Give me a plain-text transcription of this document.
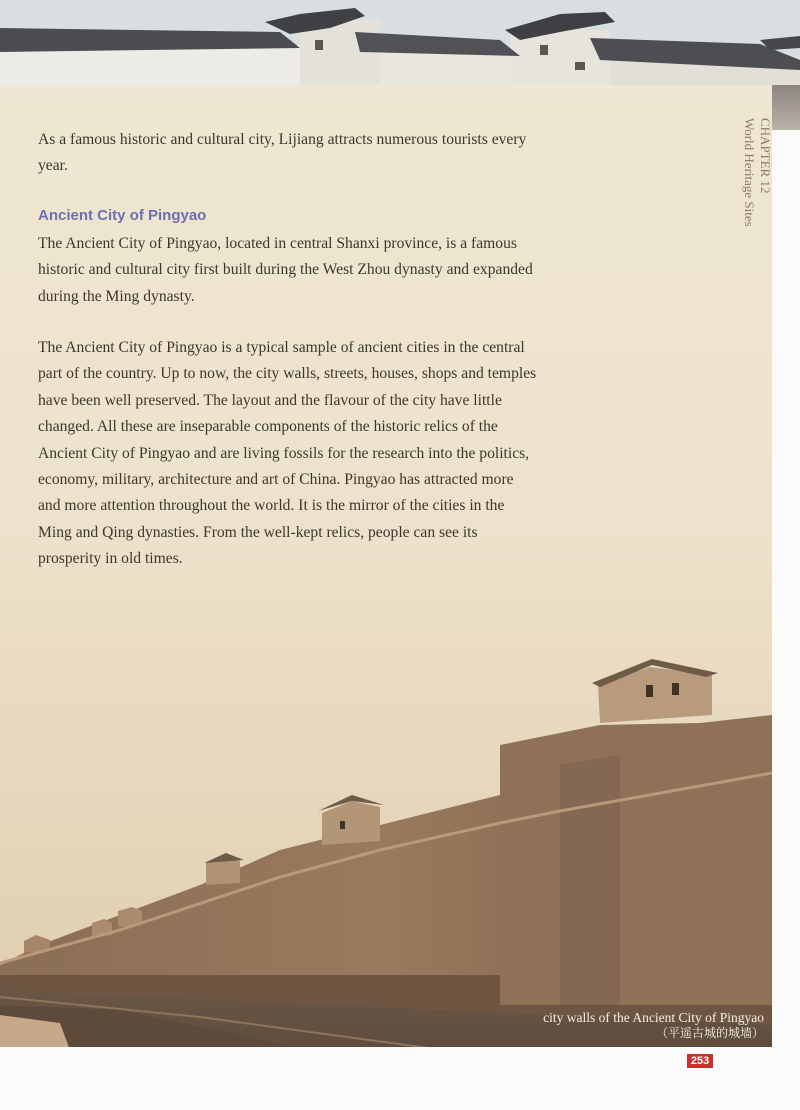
As a famous historic and cultural city, Lijiang attracts numerous tourists every year.

Ancient City of Pingyao

The Ancient City of Pingyao, located in central Shanxi province, is a famous historic and cultural city first built during the West Zhou dynasty and expanded during the Ming dynasty.

The Ancient City of Pingyao is a typical sample of ancient cities in the central part of the country. Up to now, the city walls, streets, houses, shops and temples have been well preserved. The layout and the flavour of the city have little changed. All these are inseparable components of the historic relics of the Ancient City of Pingyao and are living fossils for the research into the politics, economy, military, architecture and art of China. Pingyao has attracted more and more attention throughout the world. It is the mirror of the cities in the Ming and Qing dynasties. From the well-kept relics, people can see its prosperity in old times.

CHAPTER 12
World Heritage Sites
city walls of the Ancient City of Pingyao
（平遥古城的城墙）
253
